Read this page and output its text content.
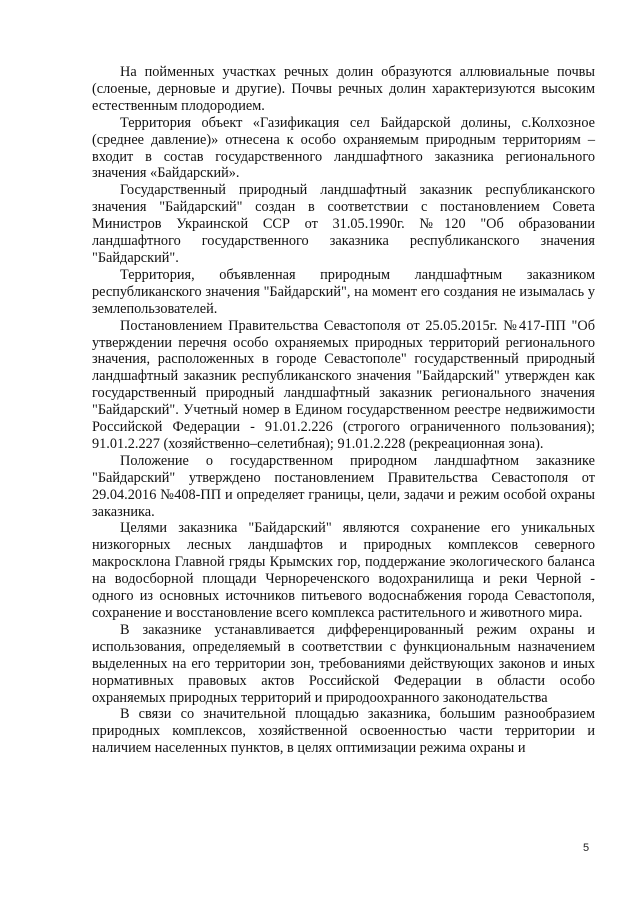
На пойменных участках речных долин образуются аллювиальные почвы (слоеные, дерновые и другие). Почвы речных долин характеризуются высоким естественным плодородием.

Территория объект «Газификация сел Байдарской долины, с.Колхозное (среднее давление)» отнесена к особо охраняемым природным территориям – входит в состав государственного ландшафтного заказника регионального значения «Байдарский».

Государственный природный ландшафтный заказник республиканского значения "Байдарский" создан в соответствии с постановлением Совета Министров Украинской ССР от 31.05.1990г. №120 "Об образовании ландшафтного государственного заказника республиканского значения "Байдарский".

Территория, объявленная природным ландшафтным заказником республиканского значения "Байдарский", на момент его создания не изымалась у землепользователей.

Постановлением Правительства Севастополя от 25.05.2015г. №417-ПП "Об утверждении перечня особо охраняемых природных территорий регионального значения, расположенных в городе Севастополе" государственный природный ландшафтный заказник республиканского значения "Байдарский" утвержден как государственный природный ландшафтный заказник регионального значения "Байдарский". Учетный номер в Едином государственном реестре недвижимости Российской Федерации - 91.01.2.226 (строгого ограниченного пользования); 91.01.2.227 (хозяйственно–селетибная); 91.01.2.228 (рекреационная зона).

Положение о государственном природном ландшафтном заказнике "Байдарский" утверждено постановлением Правительства Севастополя от 29.04.2016 №408-ПП и определяет границы, цели, задачи и режим особой охраны заказника.

Целями заказника "Байдарский" являются сохранение его уникальных низкогорных лесных ландшафтов и природных комплексов северного макросклона Главной гряды Крымских гор, поддержание экологического баланса на водосборной площади Чернореченского водохранилища и реки Черной - одного из основных источников питьевого водоснабжения города Севастополя, сохранение и восстановление всего комплекса растительного и животного мира.

В заказнике устанавливается дифференцированный режим охраны и использования, определяемый в соответствии с функциональным назначением выделенных на его территории зон, требованиями действующих законов и иных нормативных правовых актов Российской Федерации в области особо охраняемых природных территорий и природоохранного законодательства

В связи со значительной площадью заказника, большим разнообразием природных комплексов, хозяйственной освоенностью части территории и наличием населенных пунктов, в целях оптимизации режима охраны и

5
